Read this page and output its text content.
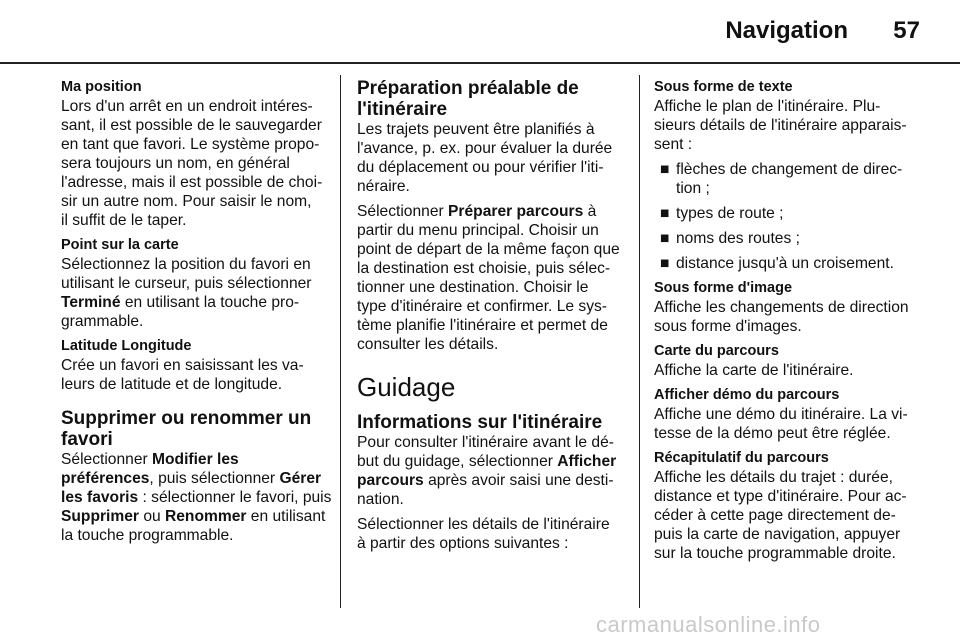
Navigation 57
Ma position
Lors d'un arrêt en un endroit intéres-
sant, il est possible de le sauvegarder
en tant que favori. Le système propo-
sera toujours un nom, en général
l'adresse, mais il est possible de choi-
sir un autre nom. Pour saisir le nom,
il suffit de le taper.
Point sur la carte
Sélectionnez la position du favori en
utilisant le curseur, puis sélectionner
Terminé en utilisant la touche pro-
grammable.
Latitude Longitude
Crée un favori en saisissant les va-
leurs de latitude et de longitude.
Supprimer ou renommer un
favori
Sélectionner Modifier les
préférences, puis sélectionner Gérer
les favoris : sélectionner le favori, puis
Supprimer ou Renommer en utilisant
la touche programmable.
Préparation préalable de
l'itinéraire
Les trajets peuvent être planifiés à
l'avance, p. ex. pour évaluer la durée
du déplacement ou pour vérifier l'iti-
néraire.
Sélectionner Préparer parcours à
partir du menu principal. Choisir un
point de départ de la même façon que
la destination est choisie, puis sélec-
tionner une destination. Choisir le
type d'itinéraire et confirmer. Le sys-
tème planifie l'itinéraire et permet de
consulter les détails.
Guidage
Informations sur l'itinéraire
Pour consulter l'itinéraire avant le dé-
but du guidage, sélectionner Afficher
parcours après avoir saisi une desti-
nation.
Sélectionner les détails de l'itinéraire
à partir des options suivantes :
Sous forme de texte
Affiche le plan de l'itinéraire. Plu-
sieurs détails de l'itinéraire apparais-
sent :
■ flèches de changement de direc-
tion ;
■ types de route ;
■ noms des routes ;
■ distance jusqu'à un croisement.
Sous forme d'image
Affiche les changements de direction
sous forme d'images.
Carte du parcours
Affiche la carte de l'itinéraire.
Afficher démo du parcours
Affiche une démo du itinéraire. La vi-
tesse de la démo peut être réglée.
Récapitulatif du parcours
Affiche les détails du trajet : durée,
distance et type d'itinéraire. Pour ac-
céder à cette page directement de-
puis la carte de navigation, appuyer
sur la touche programmable droite.
carmanualsonline.info
